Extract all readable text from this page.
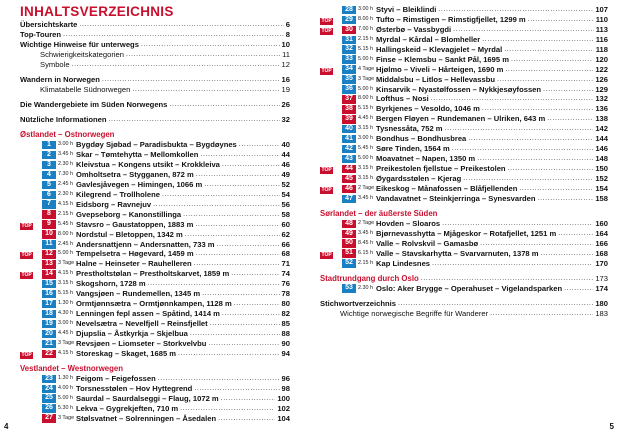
INHALTSVERZEICHNIS
Übersichtskarte .....	6
Top-Touren .....	8
Wichtige Hinweise für unterwegs .....	10
Schwierigkeitskategorien .....	11
Symbole .....	12
Wandern in Norwegen .....	16
Klimatabelle Südnorwegen .....	19
Die Wandergebiete im Süden Norwegens .....	26
Nützliche Informationen .....	32
Østlandet – Ostnorwegen
1	3.00 h Bygdøy Sjøbad – Paradisbukta – Bygdøynes .....	40
2	3.45 h Skar – Tømtehytta – Mellomkollen .....	44
3	2.30 h Kleivstua – Kongens utsikt – Krokkleiva .....	46
4	7.30 h Omholtsetra – Stygganen, 872 m .....	49
5	2.45 h Gavlesjåvegen – Himingen, 1066 m .....	52
6	2.30 h Kilegrend – Trollholene .....	54
7	4.15 h Eidsborg – Ravnejuv .....	56
8	2.15 h Gvepseborg – Kanonstillinga .....	58
TOP	9	5.45 h Stavsro – Gaustatoppen, 1883 m .....	60
10 8.00 h Nordstul – Bletoppen, 1342 m .....	62
11 2.45 h Andersnattjenn – Andersnatten, 733 m .....	66
TOP	12 5.00 h Tempelsetra – Høgevard, 1459 m .....	68
13 3 Tage Halne – Heinseter – Rauhelleren .....	71
TOP	14 4.15 h Prestholtstølan – Prestholtskarvet, 1859 m .....	74
15 3.15 h Skogshorn, 1728 m .....	76
16 5.15 h Vangsjøen – Rundemellen, 1345 m .....	78
17 1.30 h Ormtjønnsætra – Ormtjønnkampen, 1128 m .....	80
18 4.30 h Lenningen fepl assen – Spåtind, 1414 m .....	82
19 3.00 h Nevelsætra – Nevelfjell – Reinsfjellet .....	85
20 4.45 h Djupslia – Åstkyrkja – Skjelbua .....	88
21 3 Tage Revsjøen – Liomseter – Storkvelvbu .....	90
TOP	22 4.15 h Storeskag – Skaget, 1685 m .....	94
Vestlandet – Westnorwegen
23 1.30 h Feigom – Feigefossen .....	96
24 4.00 h Torsnesstølen – Hov Hyttegrend .....	98
25 5.00 h Saurdal – Saurdalseggi – Flaug, 1072 m .....	100
26 5.30 h Lekva – Gygrekjeften, 710 m .....	102
27 3 Tage Stølsvatnet – Solrenningen – Åsedalen .....	104
4
28 3.00 h Styvi – Bleiklindi .....	107
TOP	29 8.00 h Tufto – Rimstigen – Rimstigfjellet, 1299 m .....	110
TOP	30 7.00 h Østerbø – Vassbygdi .....	113
31 2.15 h Myrdal – Kårdal – Blomheller .....	116
32 5.15 h Hallingskeid – Klevagjelet – Myrdal .....	118
33 5.00 h Finse – Klemsbu – Sankt Pål, 1695 m .....	120
TOP	34 4 Tage Hjølmo – Viveli – Hårteigen, 1690 m .....	122
35 3 Tage Middalsbu – Litlos – Hellevassbu .....	126
36 5.00 h Kinsarvik – Nyastølfossen – Nykkjesøyfossen .....	129
37 8.00 h Lofthus – Nosi .....	132
38 5.15 h Byrkjenes – Vesoldo, 1046 m .....	136
39 4.45 h Bergen Fløyen – Rundemanen – Ulriken, 643 m .....	138
40 3.15 h Tysnessåta, 752 m .....	142
41 3.00 h Bondhus – Bondhusbrea .....	144
42 5.45 h Søre Tinden, 1564 m .....	146
43 5.00 h Moavatnet – Napen, 1350 m .....	148
TOP	44 3.15 h Preikestolen fjellstue – Preikestolen .....	150
45 3.15 h Øygardsstølen – Kjerag .....	152
TOP	46 2 Tage Eikeskog – Månafossen – Blåfjellenden .....	154
47 3.45 h Vandavatnet – Steinkjerringa – Synesvarden .....	158
Sørlandet – der äußerste Süden
48 2 Tage Hovden – Sloaros .....	160
49 3.45 h Bjørnevasshytta – Mjågeskor – Rotafjellet, 1251 m .....	164
50 8.45 h Valle – Rolvskvil – Gamasbø .....	166
TOP	51 6.15 h Valle – Stavskarhytta – Svarvarnuten, 1378 m .....	168
52 2.15 h Kap Lindesnes .....	170
Stadtrundgang durch Oslo .....	173
53 2.30 h Oslo: Aker Brygge – Operahuset – Vigelandsparken .....	174
Stichwortverzeichnis .....	180
Wichtige norwegische Begriffe für Wanderer .....	183
5
